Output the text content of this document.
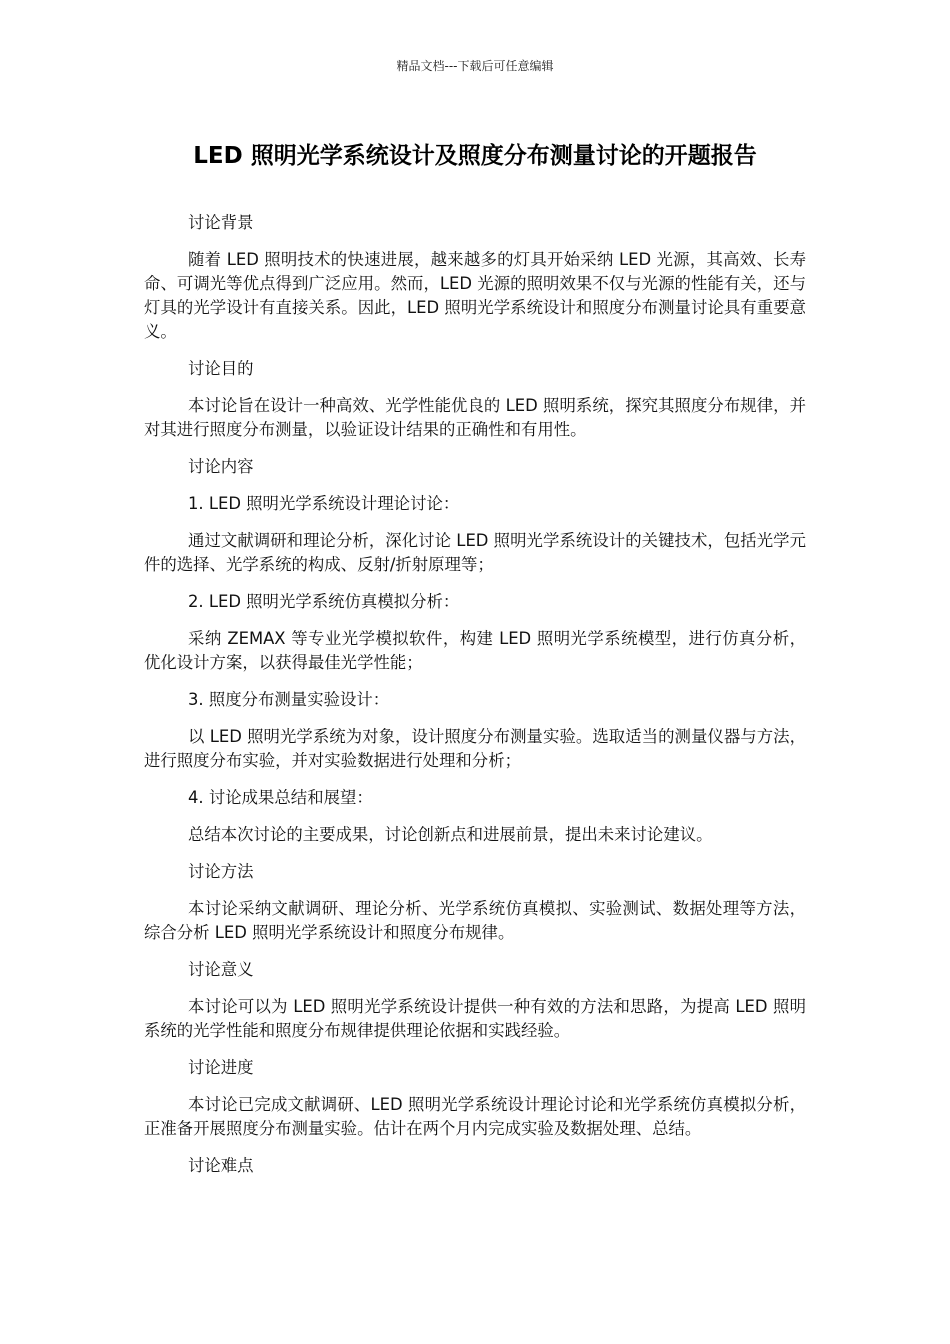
精品文档---下载后可任意编辑
LED 照明光学系统设计及照度分布测量讨论的开题报告

讨论背景

随着 LED 照明技术的快速进展，越来越多的灯具开始采纳 LED 光源，其高效、长寿命、可调光等优点得到广泛应用。然而，LED 光源的照明效果不仅与光源的性能有关，还与灯具的光学设计有直接关系。因此，LED 照明光学系统设计和照度分布测量讨论具有重要意义。

讨论目的

本讨论旨在设计一种高效、光学性能优良的 LED 照明系统，探究其照度分布规律，并对其进行照度分布测量，以验证设计结果的正确性和有用性。

讨论内容

1. LED 照明光学系统设计理论讨论：

通过文献调研和理论分析，深化讨论 LED 照明光学系统设计的关键技术，包括光学元件的选择、光学系统的构成、反射/折射原理等；

2. LED 照明光学系统仿真模拟分析：

采纳 ZEMAX 等专业光学模拟软件，构建 LED 照明光学系统模型，进行仿真分析，优化设计方案，以获得最佳光学性能；

3. 照度分布测量实验设计：

以 LED 照明光学系统为对象，设计照度分布测量实验。选取适当的测量仪器与方法，进行照度分布实验，并对实验数据进行处理和分析；

4. 讨论成果总结和展望：

总结本次讨论的主要成果，讨论创新点和进展前景，提出未来讨论建议。

讨论方法

本讨论采纳文献调研、理论分析、光学系统仿真模拟、实验测试、数据处理等方法，综合分析 LED 照明光学系统设计和照度分布规律。

讨论意义

本讨论可以为 LED 照明光学系统设计提供一种有效的方法和思路，为提高 LED 照明系统的光学性能和照度分布规律提供理论依据和实践经验。

讨论进度

本讨论已完成文献调研、LED 照明光学系统设计理论讨论和光学系统仿真模拟分析，正准备开展照度分布测量实验。估计在两个月内完成实验及数据处理、总结。

讨论难点
